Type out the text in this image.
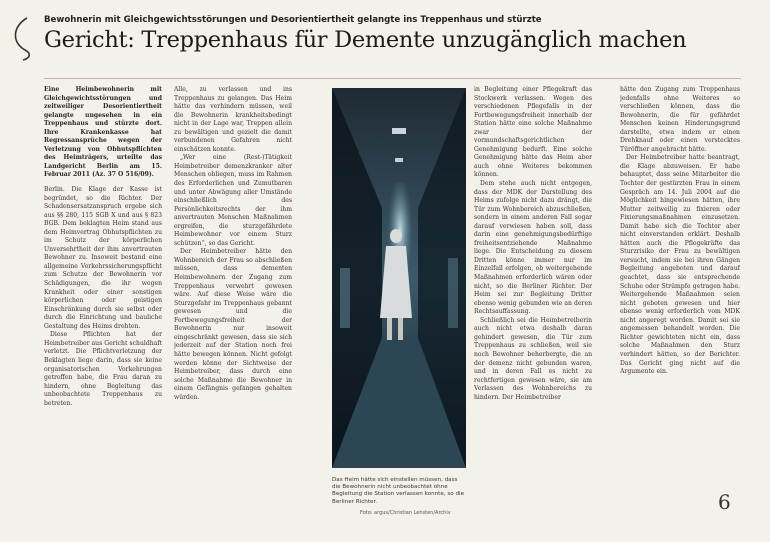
Bewohnerin mit Gleichgewichtsstörungen und Desorientiertheit gelangte ins Treppenhaus und stürzte
Gericht: Treppenhaus für Demente unzugänglich machen

Eine Heimbewohnerin mit Gleichgewichtsstörungen und zeitweiliger Desorientiertheit gelangte ungesehen in ein Treppenhaus und stürzte dort. Ihre Krankenkasse hat Regressansprüche wegen der Verletzung von Obhutspflichten des Heimträgers, urteilte das Landgericht Berlin am 15. Februar 2011 (Az. 37 O 516/09).

Berlin. Die Klage der Kasse ist begründet, so die Richter. Der Schadensersatzanspruch ergebe sich aus §§ 280, 115 SGB X und aus § 823 BGB. Dem beklagten Heim stand aus dem Heimvertrag Obhutspflichten zu im Schutz der körperlichen Unversehrtheit der ihm anvertrauten Bewohner zu. Insoweit bestand eine allgemeine Verkehrssicherungspflicht zum Schutze der Bewohnerin vor Schädigungen, die ihr wegen Krankheit oder einer sonstigen körperlichen oder geistigen Einschränkung durch sie selbst oder durch die Einrichtung und bauliche Gestaltung des Heims drohten.

Diese Pflichten hat der Heimbetreiber aus Gericht schuldhaft verletzt. Die Pflichtverletzung der Beklagten liege darin, dass sie keine organisatorischen Vorkehrungen getroffen habe, die Frau daran zu hindern, ohne Begleitung das unbeobachtete Treppenhaus zu betreten.

Alle, zu verlassen und ins Treppenhaus zu gelangen. Das Heim hätte das verhindern müssen, weil die Bewohnerin krankheitsbedingt nicht in der Lage war, Treppen allein zu bewältigen und gezielt die damit verbundenen Gefahren nicht einschätzen konnte.

„Wer eine (Rest-)Tätigkeit Heimbetreiber demenzkranker alter Menschen obliegen, muss im Rahmen des Erforderlichen und Zumutbaren und unter Abwägung aller Umstände einschließlich des Persönlichkeitsrechts der ihm anvertrauten Menschen Maßnahmen ergreifen, die sturzgefährdete Heimbewohner vor einem Sturz schützen“, so das Gericht.

Der Heimbetreiber hätte den Wohnbereich der Frau so abschließen müssen, dass dementen Heimbewohnern der Zugang zum Treppenhaus verwehrt gewesen wäre. Auf diese Weise wäre die Sturzgefahr im Treppenhaus gebannt gewesen und die Fortbewegungsfreiheit der Bewohnerin nur insoweit eingeschränkt gewesen, dass sie sich jederzeit auf der Station noch frei hätte bewegen können. Nicht gefolgt werden könne der Sichtweise der Heimbetreiber, dass durch eine solche Maßnahme die Bewohner in einem Gefängnis gefangen gehalten würden.

Das Heim hätte sich einstellen müssen, dass die Bewohnerin nicht unbeobachtet ohne Begleitung die Station verlassen konnte, so die Berliner Richter.
Foto: argus/Christian Lehsten/Archiv

in Begleitung einer Pflegekraft das Stockwerk verlassen. Wegen des verschiedenen Pflegefalls in der Fortbewegungsfreiheit innerhalb der Station hätte eine solche Maßnahme zwar der vormundschaftsgerichtlichen Genehmigung bedurft. Eine solche Genehmigung hätte das Heim aber auch ohne Weiteres bekommen können.

Dem stehe auch nicht entgegen, dass der MDK der Darstellung des Heims zufolge nicht dazu drängt, die Tür zum Wohnbereich abzuschließen, sondern in einem anderen Fall sogar darauf verwiesen haben soll, dass darin eine genehmigungsbedürftige freiheitsentziehende Maßnahme liege. Die Entscheidung zu diesem Dritten könne immer nur im Einzelfall erfolgen, ob weitergehende Maßnahmen erforderlich wären oder nicht, so die Berliner Richter. Der Heim sei zur Begleitung Dritter ebenso wenig gebunden wie an deren Rechtsauffassung.

Schließlich sei die Heimbetreiberin auch nicht etwa deshalb daran gehindert gewesen, die Tür zum Treppenhaus zu schließen, weil sie noch Bewohner beherbergte, die an der demenz nicht gebunden waren, und in deren Fall es nicht zu rechtfertigen gewesen wäre, sie am Verlassen des Wohnbereichs zu hindern. Der Heimbetreiber

hätte den Zugang zum Treppenhaus jedenfalls ohne Weiteres so verschließen können, dass die Bewohnerin, die für gefährdet Menschen keinen Hinderungsgrund darstellte, etwa indem er einen Drehknauf oder einen verstecktes Türöffner angebracht hätte.

Der Heimbetreiber hatte beantragt, die Klage abzuweisen. Er habe behauptet, dass seine Mitarbeiter die Tochter der gestürzten Frau in einem Gespräch am 14. Juli 2004 auf die Möglichkeit hingewiesen hätten, ihre Mutter zeitweilig zu fixieren oder Fixierungsmaßnahmen einzusetzen. Damit habe sich die Tochter aber nicht einverstanden erklärt. Deshalb hätten auch die Pflegekräfte das Sturzrisiko der Frau zu bewältigen versucht, indem sie bei ihren Gängen Begleitung angeboten und darauf geachtet, dass sie entsprechende Schuhe oder Strümpfe getragen habe. Weitergehende Maßnahmen seien nicht geboten gewesen und hier ebenso wenig erforderlich vom MDK nicht angeregt worden. Damit sei sie angemessen behandelt worden. Die Richter gewichteten nicht ein, dass solche Maßnahmen den Sturz verhindert hätten, so der Berichter. Das Gericht ging nicht auf die Argumente ein.

6
